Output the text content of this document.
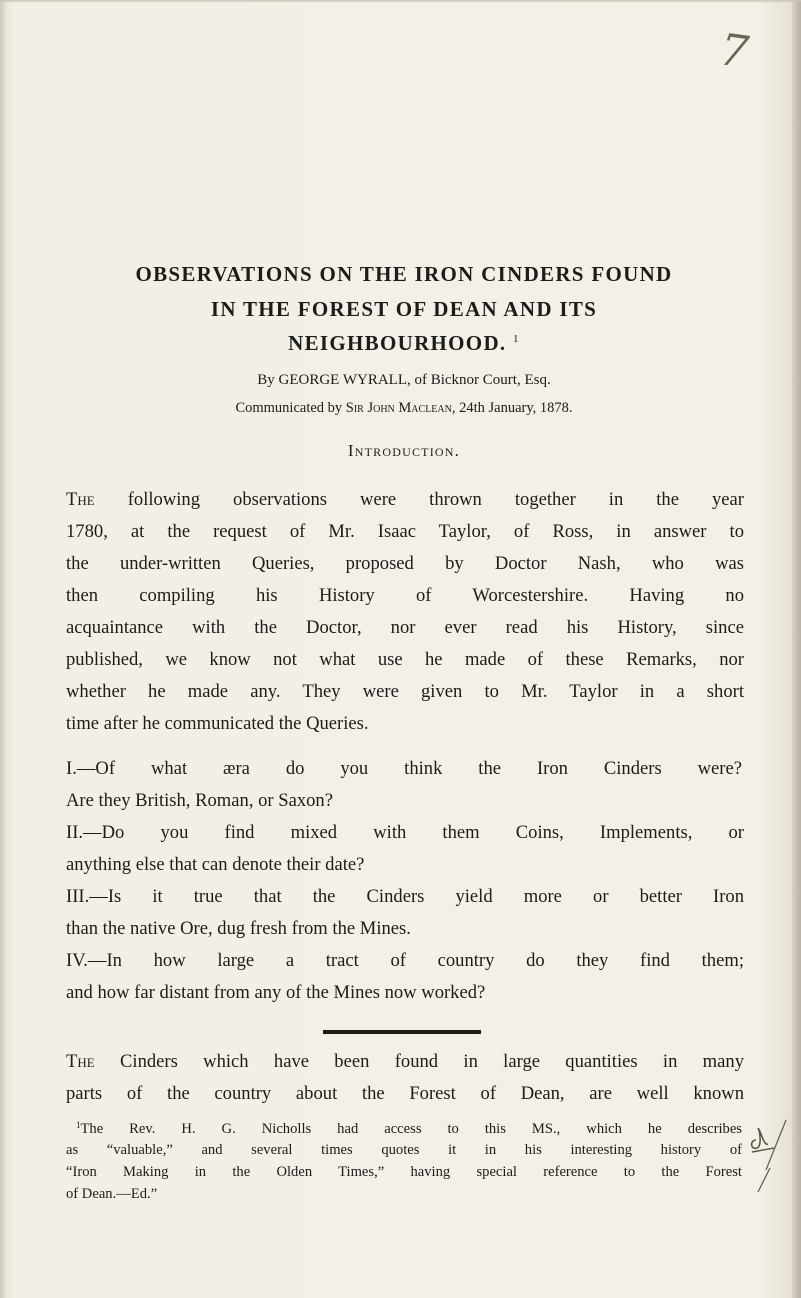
7
OBSERVATIONS ON THE IRON CINDERS FOUND
IN THE FOREST OF DEAN AND ITS
NEIGHBOURHOOD. $^1$
By GEORGE WYRALL, of Bicknor Court, Esq.
Communicated by Sir John Maclean, 24th January, 1878.
Introduction.
The following observations were thrown together in the year
1780, at the request of Mr. Isaac Taylor, of Ross, in answer to
the under-written Queries, proposed by Doctor Nash, who was
then compiling his History of Worcestershire. Having no
acquaintance with the Doctor, nor ever read his History, since
published, we know not what use he made of these Remarks, nor
whether he made any. They were given to Mr. Taylor in a short
time after he communicated the Queries.
I.—Of what æra do you think the Iron Cinders were?
Are they British, Roman, or Saxon?
II.—Do you find mixed with them Coins, Implements, or
anything else that can denote their date?
III.—Is it true that the Cinders yield more or better Iron
than the native Ore, dug fresh from the Mines.
IV.—In how large a tract of country do they find them;
and how far distant from any of the Mines now worked?
The Cinders which have been found in large quantities in many
parts of the country about the Forest of Dean, are well known
$^1$The Rev. H. G. Nicholls had access to this MS., which he describes
as “valuable,” and several times quotes it in his interesting history of
“Iron Making in the Olden Times,” having special reference to the Forest
of Dean.—Ed.”
